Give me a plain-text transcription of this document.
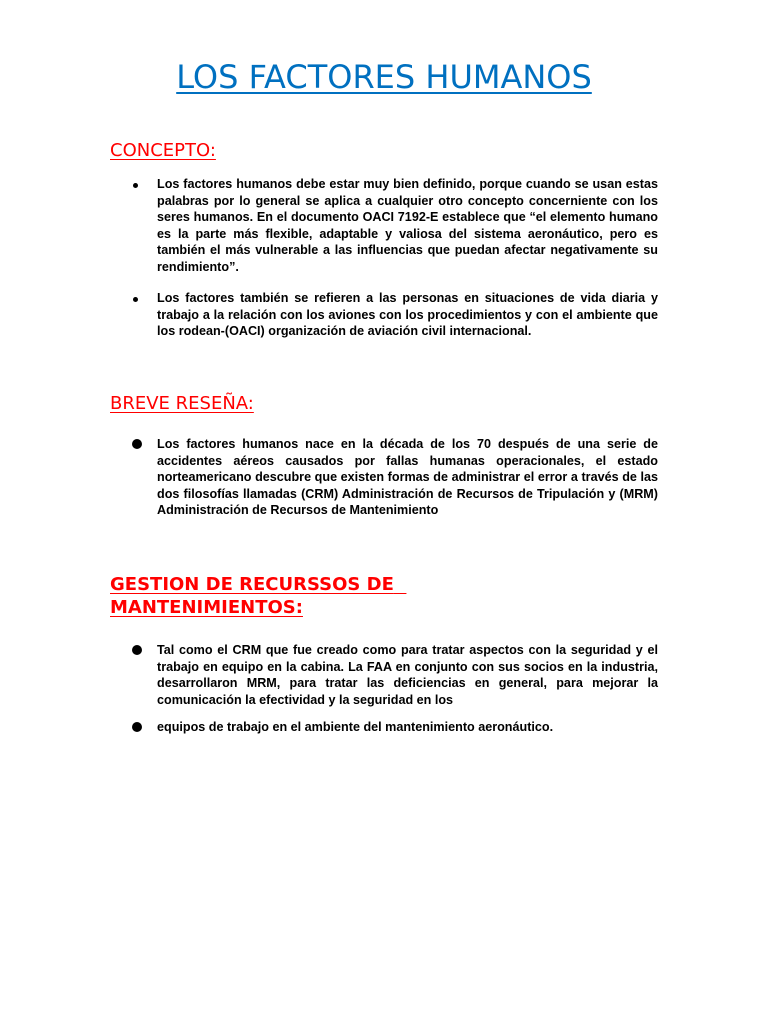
LOS FACTORES HUMANOS
CONCEPTO:

Los factores humanos debe estar muy bien definido, porque cuando se usan estas palabras por lo general se aplica a cualquier otro concepto concerniente con los seres humanos. En el documento OACI 7192-E establece que “el elemento humano es la parte más flexible, adaptable y valiosa del sistema aeronáutico, pero es también el más vulnerable a las influencias que puedan afectar negativamente su rendimiento”.

Los factores también se refieren a las personas en situaciones de vida diaria y trabajo a la relación con los aviones con los procedimientos y con el ambiente que los rodean-(OACI) organización de aviación civil internacional.

BREVE RESEÑA:

Los factores humanos nace en la década de los 70 después de una serie de accidentes aéreos causados por fallas humanas operacionales, el estado norteamericano descubre que existen formas de administrar el error a través de las dos filosofías llamadas (CRM) Administración de Recursos de Tripulación y (MRM) Administración de Recursos de Mantenimiento

GESTION DE RECURSSOS DE  MANTENIMIENTOS:

Tal como el CRM que fue creado como para tratar aspectos con la seguridad y el trabajo en equipo en la cabina. La FAA en conjunto con sus socios en la industria, desarrollaron MRM, para tratar las deficiencias en general, para mejorar la comunicación la efectividad y la seguridad en los

equipos de trabajo en el ambiente del mantenimiento aeronáutico.
